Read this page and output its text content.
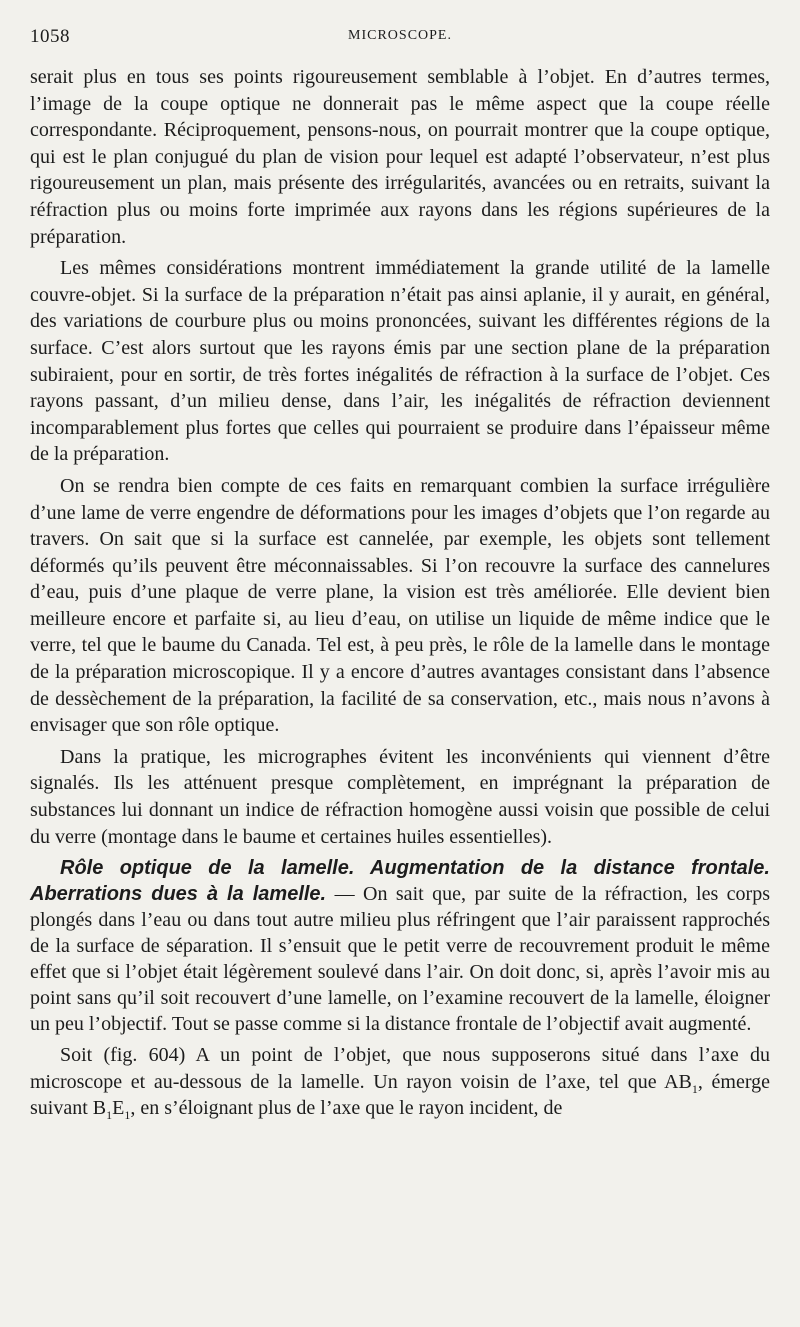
1058	MICROSCOPE.

serait plus en tous ses points rigoureusement semblable à l’objet. En d’autres termes, l’image de la coupe optique ne donnerait pas le même aspect que la coupe réelle correspondante. Réciproquement, pensons-nous, on pourrait montrer que la coupe optique, qui est le plan conjugué du plan de vision pour lequel est adapté l’observateur, n’est plus rigoureusement un plan, mais présente des irrégularités, avancées ou en retraits, suivant la réfraction plus ou moins forte imprimée aux rayons dans les régions supérieures de la préparation.

Les mêmes considérations montrent immédiatement la grande utilité de la lamelle couvre-objet. Si la surface de la préparation n’était pas ainsi aplanie, il y aurait, en général, des variations de courbure plus ou moins prononcées, suivant les différentes régions de la surface. C’est alors surtout que les rayons émis par une section plane de la préparation subiraient, pour en sortir, de très fortes inégalités de réfraction à la surface de l’objet. Ces rayons passant, d’un milieu dense, dans l’air, les inégalités de réfraction deviennent incomparablement plus fortes que celles qui pourraient se produire dans l’épaisseur même de la préparation.

On se rendra bien compte de ces faits en remarquant combien la surface irrégulière d’une lame de verre engendre de déformations pour les images d’objets que l’on regarde au travers. On sait que si la surface est cannelée, par exemple, les objets sont tellement déformés qu’ils peuvent être méconnaissables. Si l’on recouvre la surface des cannelures d’eau, puis d’une plaque de verre plane, la vision est très améliorée. Elle devient bien meilleure encore et parfaite si, au lieu d’eau, on utilise un liquide de même indice que le verre, tel que le baume du Canada. Tel est, à peu près, le rôle de la lamelle dans le montage de la préparation microscopique. Il y a encore d’autres avantages consistant dans l’absence de dessèchement de la préparation, la facilité de sa conservation, etc., mais nous n’avons à envisager que son rôle optique.

Dans la pratique, les micrographes évitent les inconvénients qui viennent d’être signalés. Ils les atténuent presque complètement, en imprégnant la préparation de substances lui donnant un indice de réfraction homogène aussi voisin que possible de celui du verre (montage dans le baume et certaines huiles essentielles).

Rôle optique de la lamelle. Augmentation de la distance frontale. Aberrations dues à la lamelle. — On sait que, par suite de la réfraction, les corps plongés dans l’eau ou dans tout autre milieu plus réfringent que l’air paraissent rapprochés de la surface de séparation. Il s’ensuit que le petit verre de recouvrement produit le même effet que si l’objet était légèrement soulevé dans l’air. On doit donc, si, après l’avoir mis au point sans qu’il soit recouvert d’une lamelle, on l’examine recouvert de la lamelle, éloigner un peu l’objectif. Tout se passe comme si la distance frontale de l’objectif avait augmenté.

Soit (fig. 604) A un point de l’objet, que nous supposerons situé dans l’axe du microscope et au-dessous de la lamelle. Un rayon voisin de l’axe, tel que $AB_1$, émerge suivant $B_1E_1$, en s’éloignant plus de l’axe que le rayon incident, de
